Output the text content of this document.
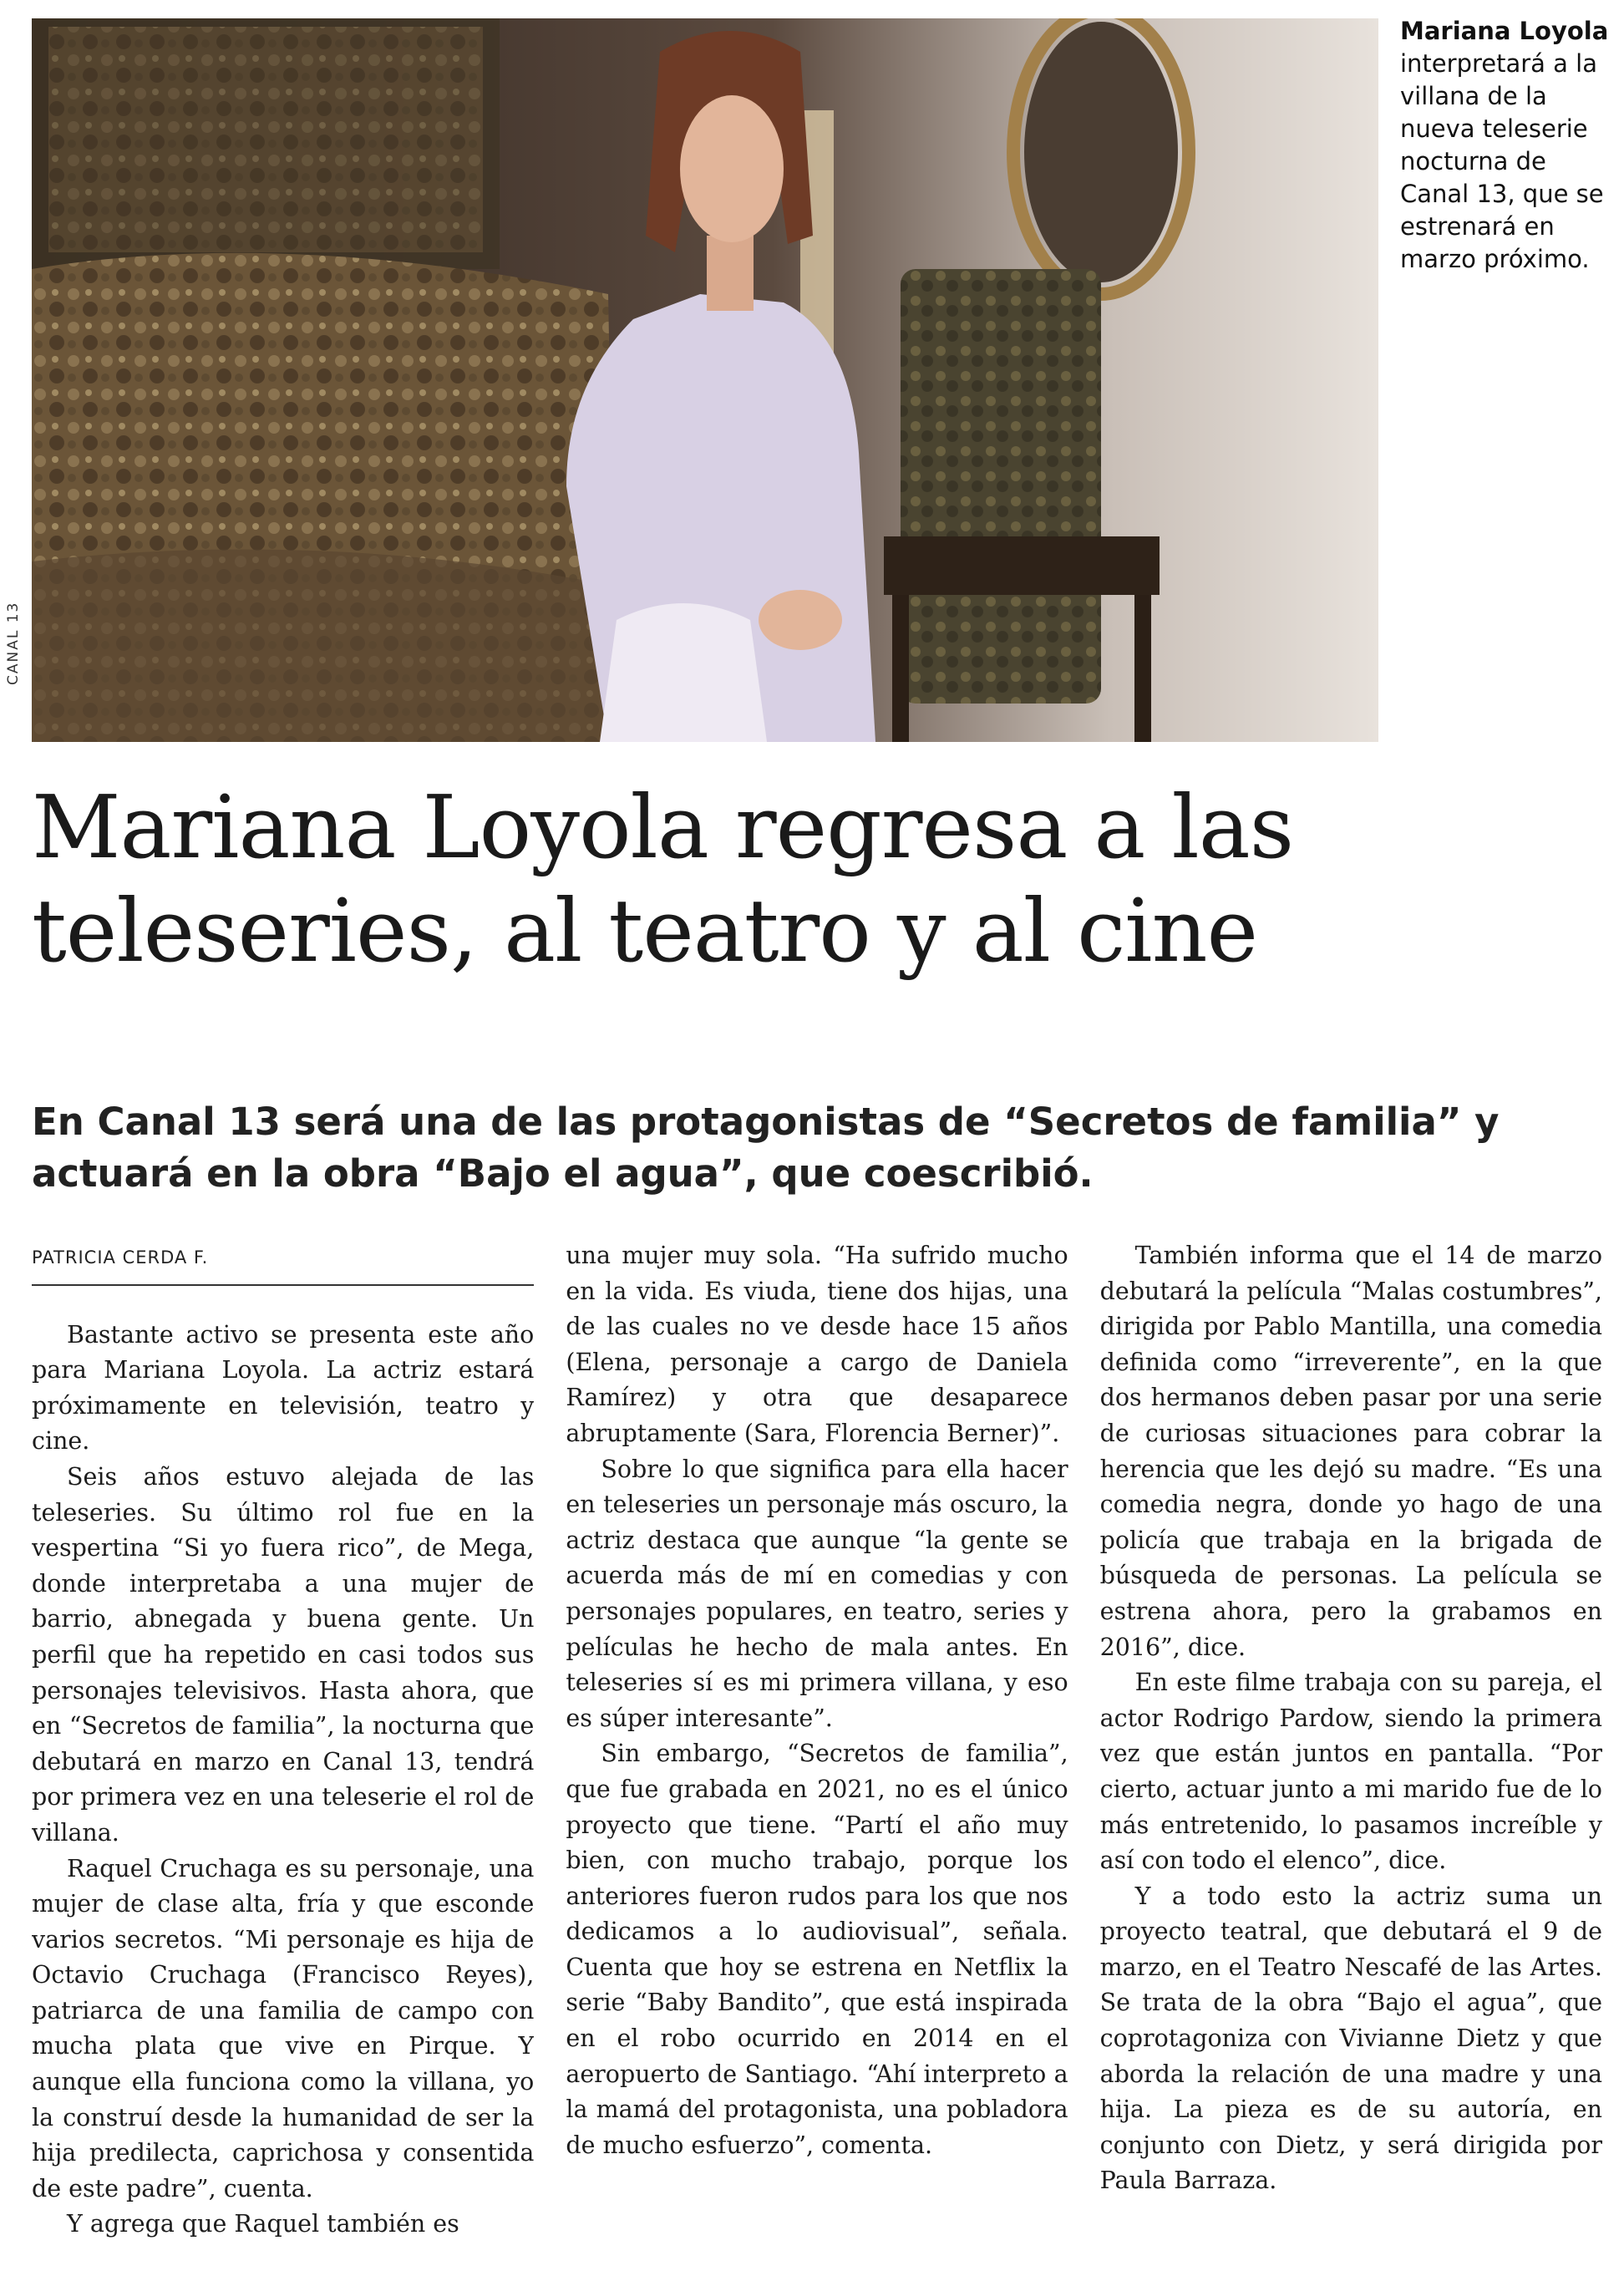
CANAL 13
Mariana Loyola
interpretará a la villana de la nueva teleserie nocturna de Canal 13, que se estrenará en marzo próximo.
Mariana Loyola regresa a las teleseries, al teatro y al cine
En Canal 13 será una de las protagonistas de “Secretos de familia” y actuará en la obra “Bajo el agua”, que coescribió.
PATRICIA CERDA F.

Bastante activo se presenta este año para Mariana Loyola. La actriz estará próximamente en televisión, teatro y cine.

Seis años estuvo alejada de las teleseries. Su último rol fue en la vespertina “Si yo fuera rico”, de Mega, donde interpretaba a una mujer de barrio, abnegada y buena gente. Un perfil que ha repetido en casi todos sus personajes televisivos. Hasta ahora, que en “Secretos de familia”, la nocturna que debutará en marzo en Canal 13, tendrá por primera vez en una teleserie el rol de villana.

Raquel Cruchaga es su personaje, una mujer de clase alta, fría y que esconde varios secretos. “Mi personaje es hija de Octavio Cruchaga (Francisco Reyes), patriarca de una familia de campo con mucha plata que vive en Pirque. Y aunque ella funciona como la villana, yo la construí desde la humanidad de ser la hija predilecta, caprichosa y consentida de este padre”, cuenta.

Y agrega que Raquel también es

una mujer muy sola. “Ha sufrido mucho en la vida. Es viuda, tiene dos hijas, una de las cuales no ve desde hace 15 años (Elena, personaje a cargo de Daniela Ramírez) y otra que desaparece abruptamente (Sara, Florencia Berner)”.

Sobre lo que significa para ella hacer en teleseries un personaje más oscuro, la actriz destaca que aunque “la gente se acuerda más de mí en comedias y con personajes populares, en teatro, series y películas he hecho de mala antes. En teleseries sí es mi primera villana, y eso es súper interesante”.

Sin embargo, “Secretos de familia”, que fue grabada en 2021, no es el único proyecto que tiene. “Partí el año muy bien, con mucho trabajo, porque los anteriores fueron rudos para los que nos dedicamos a lo audiovisual”, señala. Cuenta que hoy se estrena en Netflix la serie “Baby Bandito”, que está inspirada en el robo ocurrido en 2014 en el aeropuerto de Santiago. “Ahí interpreto a la mamá del protagonista, una pobladora de mucho esfuerzo”, comenta.

También informa que el 14 de marzo debutará la película “Malas costumbres”, dirigida por Pablo Mantilla, una comedia definida como “irreverente”, en la que dos hermanos deben pasar por una serie de curiosas situaciones para cobrar la herencia que les dejó su madre. “Es una comedia negra, donde yo hago de una policía que trabaja en la brigada de búsqueda de personas. La película se estrena ahora, pero la grabamos en 2016”, dice.

En este filme trabaja con su pareja, el actor Rodrigo Pardow, siendo la primera vez que están juntos en pantalla. “Por cierto, actuar junto a mi marido fue de lo más entretenido, lo pasamos increíble y así con todo el elenco”, dice.

Y a todo esto la actriz suma un proyecto teatral, que debutará el 9 de marzo, en el Teatro Nescafé de las Artes. Se trata de la obra “Bajo el agua”, que coprotagoniza con Vivianne Dietz y que aborda la relación de una madre y una hija. La pieza es de su autoría, en conjunto con Dietz, y será dirigida por Paula Barraza.
